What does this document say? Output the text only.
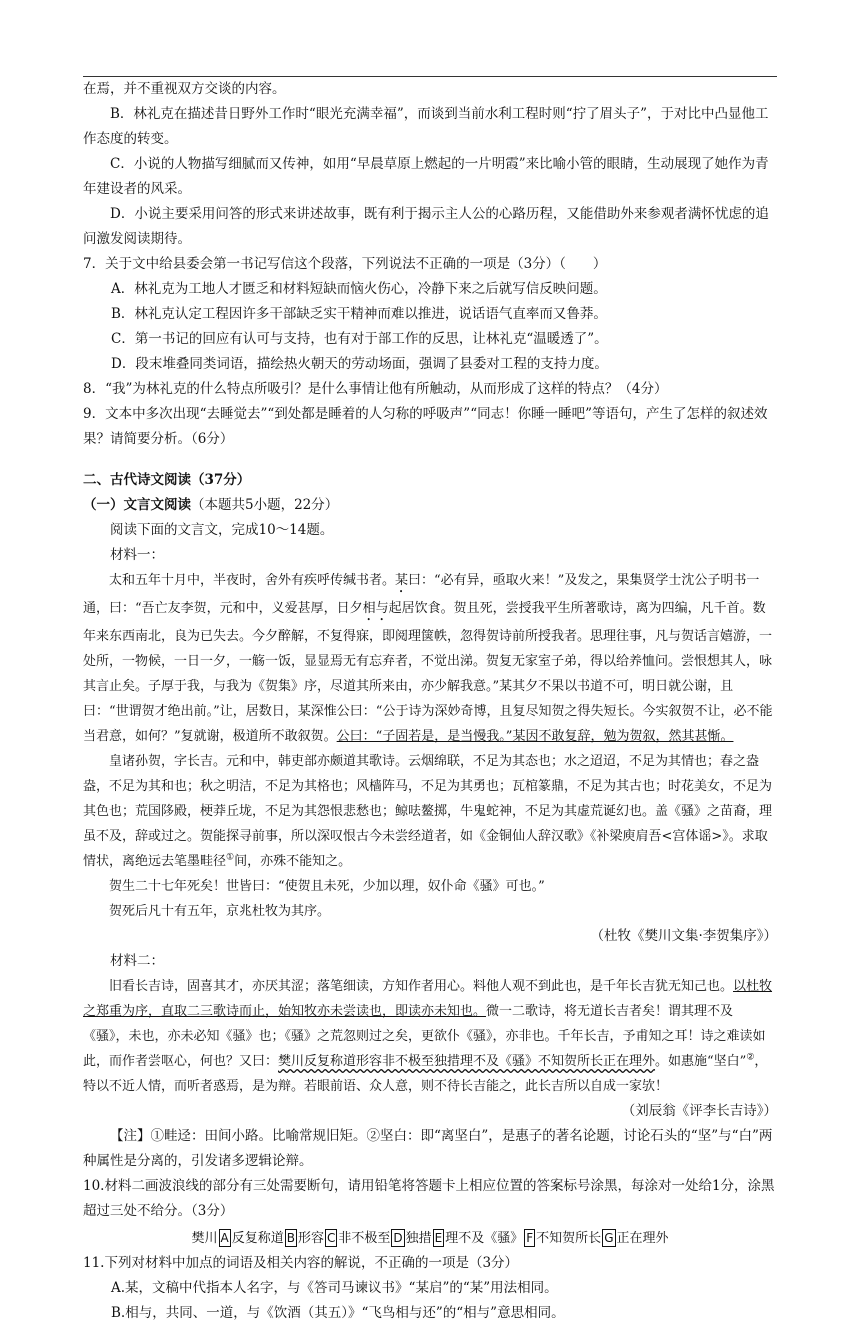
在焉，并不重视双方交谈的内容。

B．林礼克在描述昔日野外工作时“眼光充满幸福”，而谈到当前水利工程时则“拧了眉头子”，于对比中凸显他工作态度的转变。

C．小说的人物描写细腻而又传神，如用“早晨草原上燃起的一片明霞”来比喻小管的眼睛，生动展现了她作为青年建设者的风采。

D．小说主要采用问答的形式来讲述故事，既有利于揭示主人公的心路历程，又能借助外来参观者满怀忧虑的追问激发阅读期待。

7．关于文中给县委会第一书记写信这个段落，下列说法不正确的一项是（3分）（　　）

A．林礼克为工地人才匮乏和材料短缺而恼火伤心，冷静下来之后就写信反映问题。

B．林礼克认定工程因许多干部缺乏实干精神而难以推进，说话语气直率而又鲁莽。

C．第一书记的回应有认可与支持，也有对于部工作的反思，让林礼克“温暖透了”。

D．段末堆叠同类词语，描绘热火朝天的劳动场面，强调了县委对工程的支持力度。

8．“我”为林礼克的什么特点所吸引？是什么事情让他有所触动，从而形成了这样的特点？（4分）

9．文本中多次出现“去睡觉去”“到处都是睡着的人匀称的呼吸声”“同志！你睡一睡吧”等语句，产生了怎样的叙述效果？请简要分析。（6分）

二、古代诗文阅读（37分）

（一）文言文阅读（本题共5小题，22分）

阅读下面的文言文，完成10～14题。

材料一：

太和五年十月中，半夜时，舍外有疾呼传缄书者。某曰：“必有异，亟取火来！”及发之，果集贤学士沈公子明书一通，曰：“吾亡友李贺，元和中，义爱甚厚，日夕相与起居饮食。贺且死，尝授我平生所著歌诗，离为四编，凡千首。数年来东西南北，良为已失去。今夕醉解，不复得寐，即阅理箧帙，忽得贺诗前所授我者。思理往事，凡与贺话言嬉游，一处所，一物候，一日一夕，一觞一饭，显显焉无有忘弃者，不觉出涕。贺复无家室子弟，得以给养恤问。尝恨想其人，咏其言止矣。子厚于我，与我为《贺集》序，尽道其所来由，亦少解我意。”某其夕不果以书道不可，明日就公谢，且曰：“世谓贺才绝出前。”让，居数日，某深惟公曰：“公于诗为深妙奇博，且复尽知贺之得失短长。今实叙贺不让，必不能当君意，如何？”复就谢，极道所不敢叙贺。公曰：“子固若是，是当慢我。”某因不敢复辞，勉为贺叙，然其甚惭。

皇诸孙贺，字长吉。元和中，韩吏部亦颇道其歌诗。云烟绵联，不足为其态也；水之迢迢，不足为其情也；春之盎盎，不足为其和也；秋之明洁，不足为其格也；风樯阵马，不足为其勇也；瓦棺篆鼎，不足为其古也；时花美女，不足为其色也；荒国陊殿，梗莽丘垅，不足为其怨恨悲愁也；鲸呿鳌掷，牛鬼蛇神，不足为其虚荒诞幻也。盖《骚》之苗裔，理虽不及，辞或过之。贺能探寻前事，所以深叹恨古今未尝经道者，如《金铜仙人辞汉歌》《补梁庾肩吾<宫体谣>》。求取情状，离绝远去笔墨畦径①间，亦殊不能知之。

贺生二十七年死矣！世皆曰：“使贺且未死，少加以理，奴仆命《骚》可也。”

贺死后凡十有五年，京兆杜牧为其序。

（杜牧《樊川文集·李贺集序》）

材料二：

旧看长吉诗，固喜其才，亦厌其涩；落笔细读，方知作者用心。料他人观不到此也，是千年长吉犹无知己也。以杜牧之郑重为序，直取二三歌诗而止，始知牧亦未尝读也，即读亦未知也。微一二歌诗，将无道长吉者矣！谓其理不及《骚》，未也，亦未必知《骚》也；《骚》之荒忽则过之矣，更欲仆《骚》，亦非也。千年长吉，予甫知之耳！诗之难读如此，而作者尝呕心，何也？又曰：樊川反复称道形容非不极至独措理不及《骚》不知贺所长正在理外。如惠施“坚白”②，特以不近人情，而听者惑焉，是为辩。若眼前语、众人意，则不待长吉能之，此长吉所以自成一家欤！

（刘辰翁《评李长吉诗》）

【注】①畦迳：田间小路。比喻常规旧矩。②坚白：即“离坚白”，是惠子的著名论题，讨论石头的“坚”与“白”两种属性是分离的，引发诸多逻辑论辩。

10.材料二画波浪线的部分有三处需要断句，请用铅笔将答题卡上相应位置的答案标号涂黑，每涂对一处给1分，涂黑超过三处不给分。（3分）

樊川 A 反复称道 B 形容 C 非不极至 D 独措 E 理不及《骚》 F 不知贺所长 G 正在理外

11.下列对材料中加点的词语及相关内容的解说，不正确的一项是（3分）

A.某，文稿中代指本人名字，与《答司马谏议书》“某启”的“某”用法相同。

B.相与，共同、一道，与《饮酒（其五）》“飞鸟相与还”的“相与”意思相同。
